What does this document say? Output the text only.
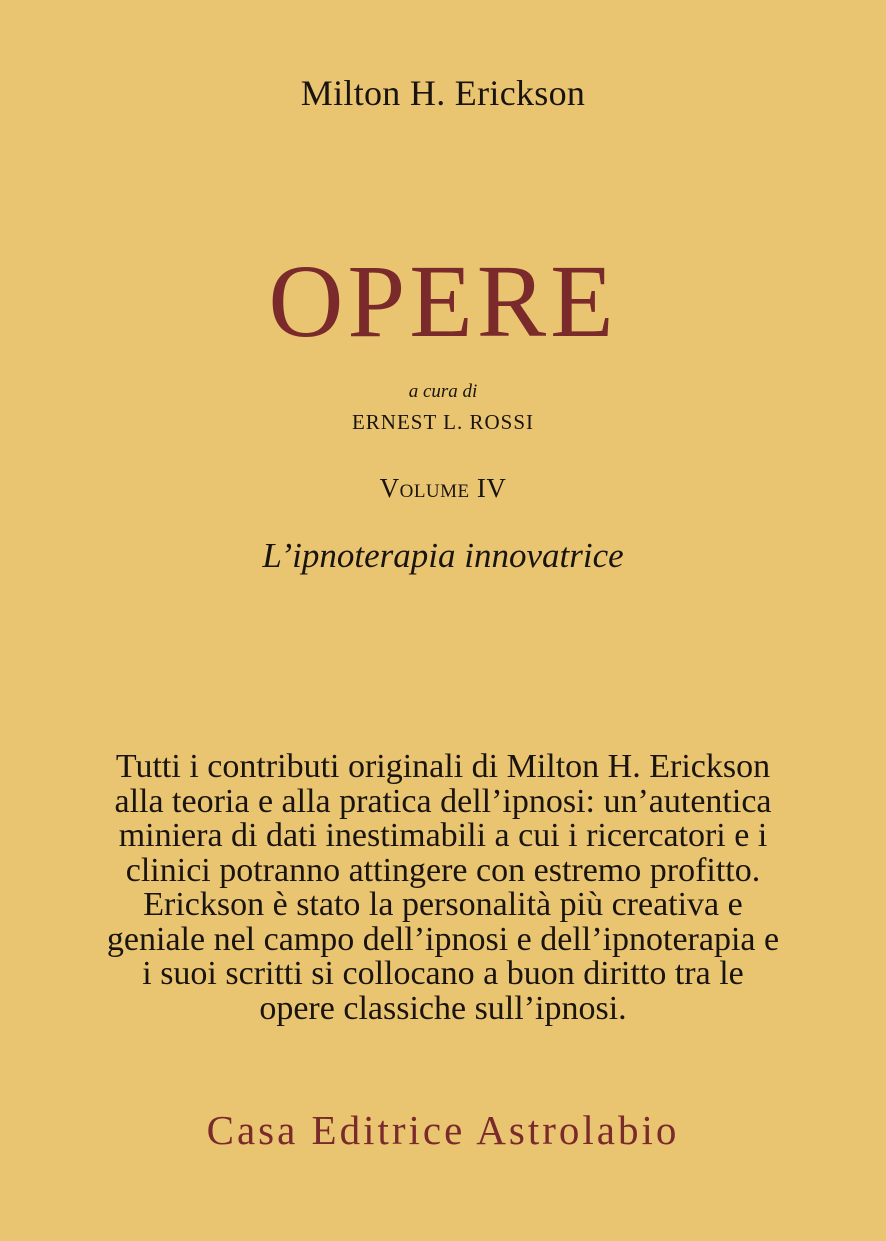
Milton H. Erickson
OPERE
a cura di
ERNEST L. ROSSI
Volume IV
L’ipnoterapia innovatrice
Tutti i contributi originali di Milton H. Erickson
alla teoria e alla pratica dell’ipnosi: un’autentica
miniera di dati inestimabili a cui i ricercatori e i
clinici potranno attingere con estremo profitto.
Erickson è stato la personalità più creativa e
geniale nel campo dell’ipnosi e dell’ipnoterapia e
i suoi scritti si collocano a buon diritto tra le
opere classiche sull’ipnosi.
Casa Editrice Astrolabio
